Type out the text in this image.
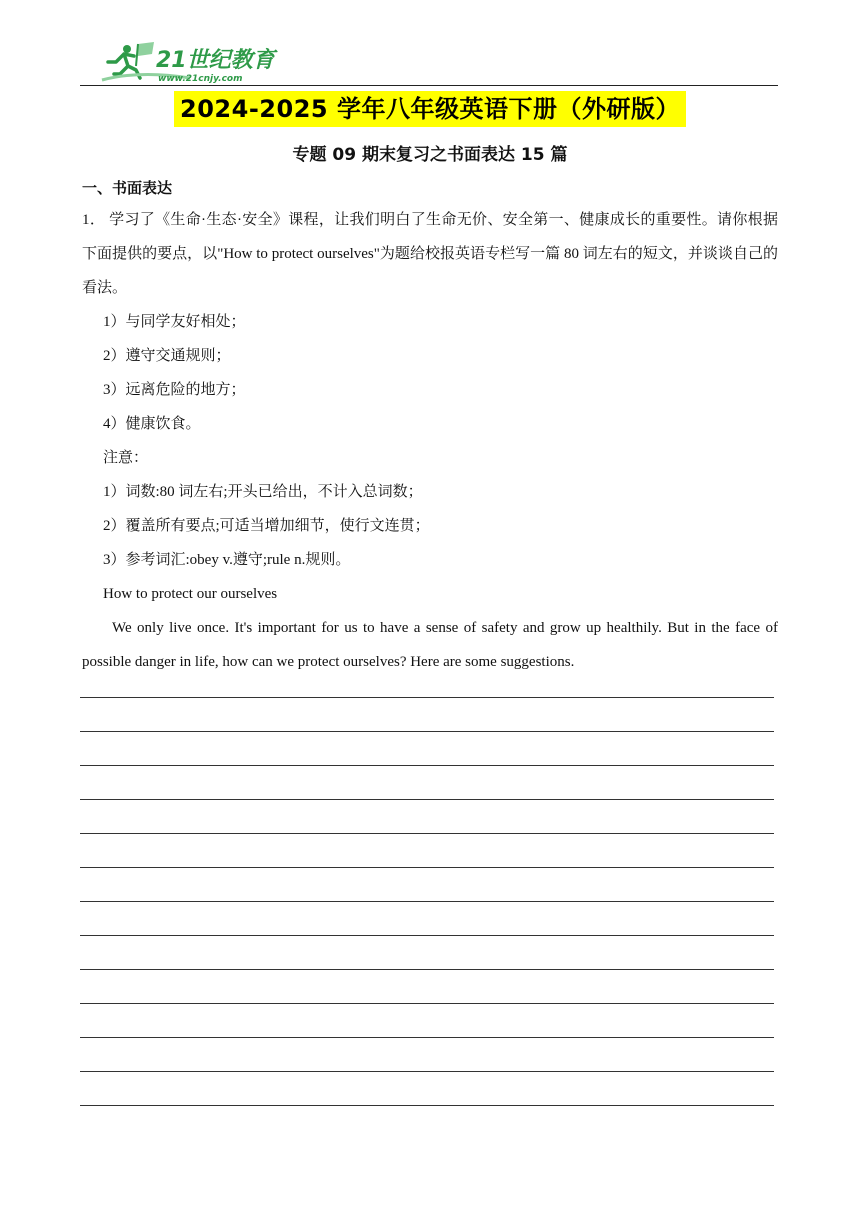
21世纪教育
www.21cnjy.com
2024-2025 学年八年级英语下册（外研版）
专题 09 期末复习之书面表达 15 篇
一、书面表达

1． 学习了《生命·生态·安全》课程，让我们明白了生命无价、安全第一、健康成长的重要性。请你根据下面提供的要点，以"How to protect ourselves"为题给校报英语专栏写一篇 80 词左右的短文，并谈谈自己的看法。

1）与同学友好相处；

2）遵守交通规则；

3）远离危险的地方；

4）健康饮食。

注意：

1）词数:80 词左右;开头已给出，不计入总词数；

2）覆盖所有要点;可适当增加细节，使行文连贯；

3）参考词汇:obey v.遵守;rule n.规则。

How to protect our ourselves

We only live once. It's important for us to have a sense of safety and grow up healthily. But in the face of possible danger in life, how can we protect ourselves? Here are some suggestions.
